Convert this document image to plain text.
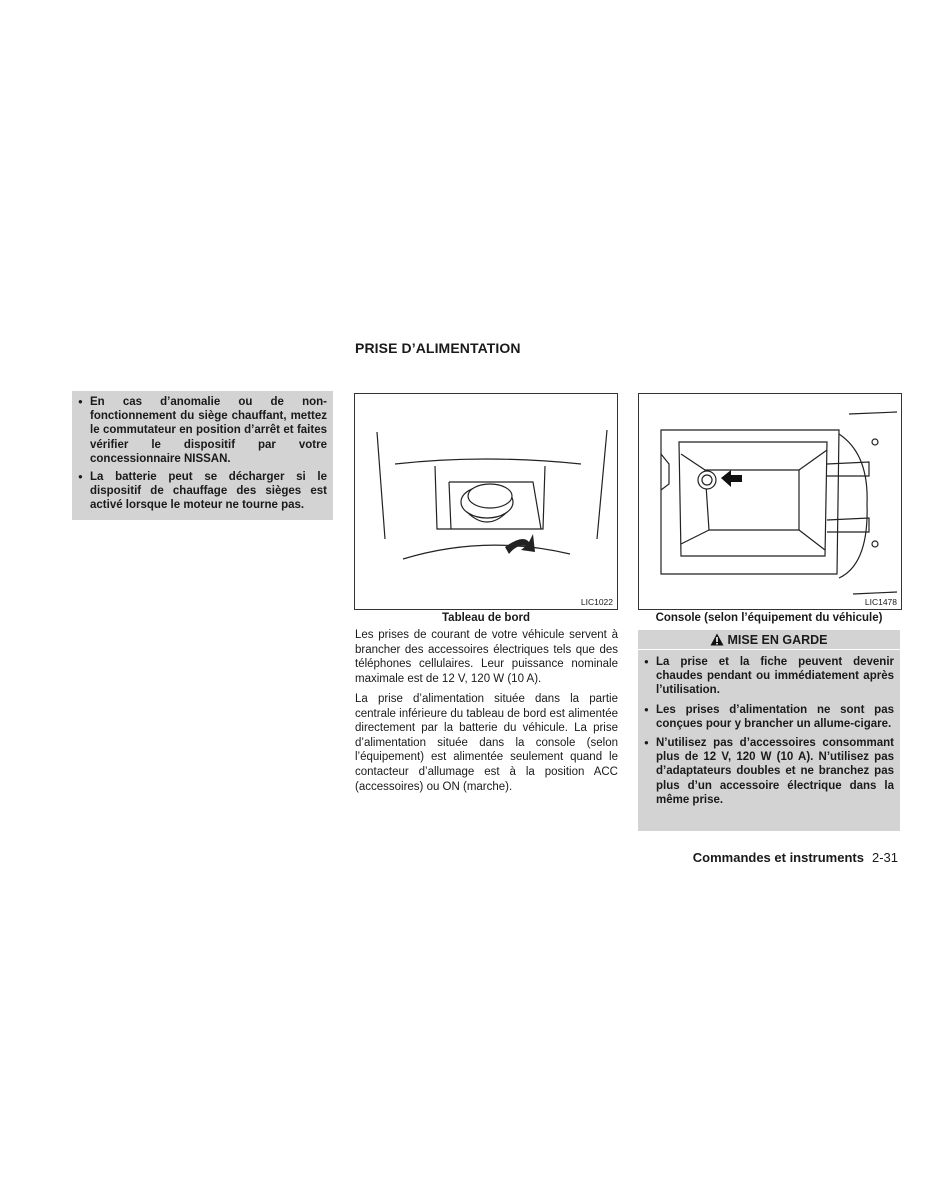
PRISE D’ALIMENTATION
● En cas d’anomalie ou de non-fonctionnement du siège chauffant, mettez le commutateur en position d’arrêt et faites vérifier le dispositif par votre concessionnaire NISSAN.
● La batterie peut se décharger si le dispositif de chauffage des sièges est activé lorsque le moteur ne tourne pas.
LIC1022
Tableau de bord
LIC1478
Console (selon l’équipement du véhicule)

Les prises de courant de votre véhicule servent à brancher des accessoires électriques tels que des téléphones cellulaires. Leur puissance nominale maximale est de 12 V, 120 W (10 A).

La prise d’alimentation située dans la partie centrale inférieure du tableau de bord est alimentée directement par la batterie du véhicule. La prise d’alimentation située dans la console (selon l’équipement) est alimentée seulement quand le contacteur d’allumage est à la position ACC (accessoires) ou ON (marche).

MISE EN GARDE
● La prise et la fiche peuvent devenir chaudes pendant ou immédiatement après l’utilisation.
● Les prises d’alimentation ne sont pas conçues pour y brancher un allume-cigare.
● N’utilisez pas d’accessoires consommant plus de 12 V, 120 W (10 A). N’utilisez pas d’adaptateurs doubles et ne branchez pas plus d’un accessoire électrique dans la même prise.
Commandes et instruments 2-31
